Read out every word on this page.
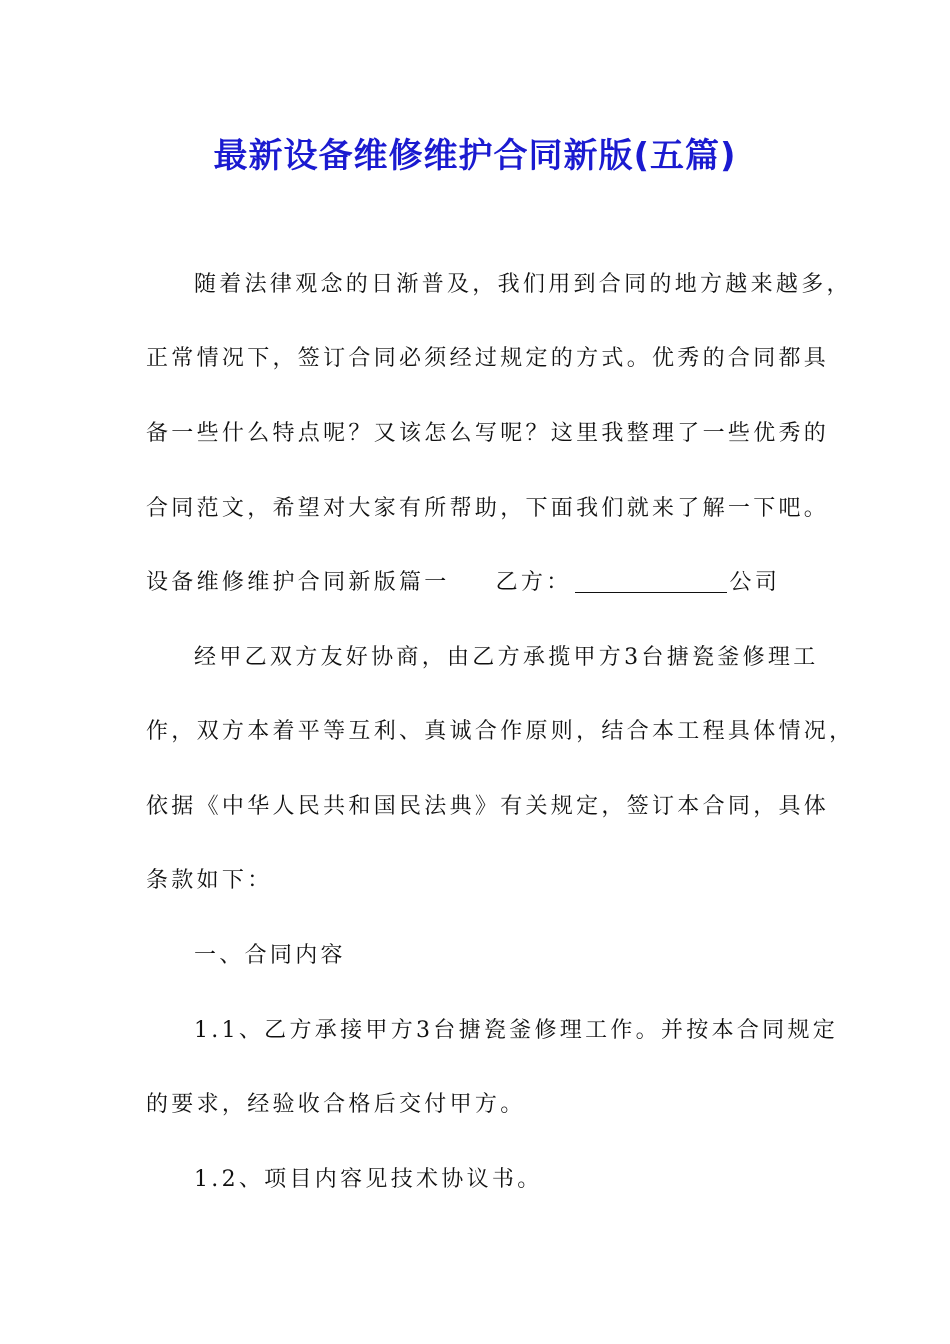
最新设备维修维护合同新版(五篇)
随着法律观念的日渐普及，我们用到合同的地方越来越多，
正常情况下，签订合同必须经过规定的方式。优秀的合同都具
备一些什么特点呢？又该怎么写呢？这里我整理了一些优秀的
合同范文，希望对大家有所帮助，下面我们就来了解一下吧。
设备维修维护合同新版篇一 乙方：	公司
经甲乙双方友好协商，由乙方承揽甲方3台搪瓷釜修理工
作，双方本着平等互利、真诚合作原则，结合本工程具体情况，
依据《中华人民共和国民法典》有关规定，签订本合同，具体
条款如下：
一、合同内容
1.1、乙方承接甲方3台搪瓷釜修理工作。并按本合同规定
的要求，经验收合格后交付甲方。
1.2、项目内容见技术协议书。
